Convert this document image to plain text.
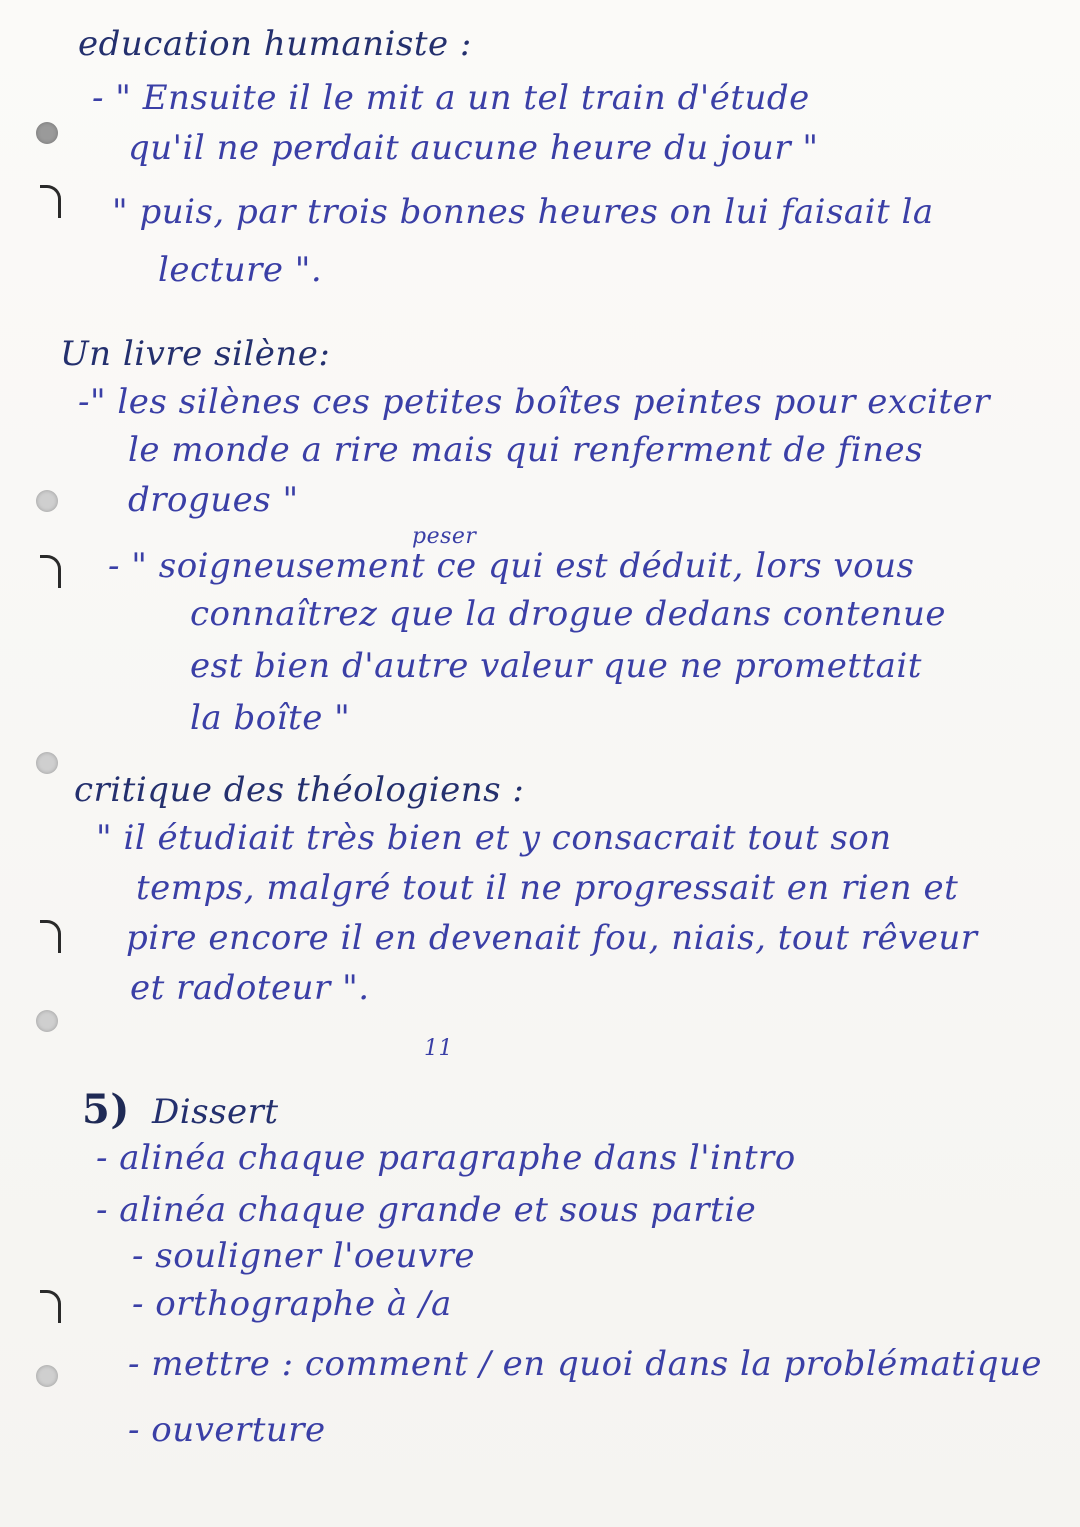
education humaniste :
- " Ensuite il le mit a un tel train d'étude
qu'il ne perdait aucune heure du jour "
" puis, par trois bonnes heures on lui faisait la
lecture ".
Un livre silène:
-" les silènes ces petites boîtes peintes pour exciter
le monde a rire mais qui renferment de fines
drogues "
peser
- " soigneusement ce qui est déduit, lors vous
connaîtrez que la drogue dedans contenue
est bien d'autre valeur que ne promettait
la boîte "
critique des théologiens :
" il étudiait très bien et y consacrait tout son
temps, malgré tout il ne progressait en rien et
pire encore il en devenait fou, niais, tout rêveur
et radoteur ".
11
5) Dissert
- alinéa chaque paragraphe dans l'intro
- alinéa chaque grande et sous partie
- souligner l'oeuvre
- orthographe à /a
- mettre : comment / en quoi dans la problématique
- ouverture
